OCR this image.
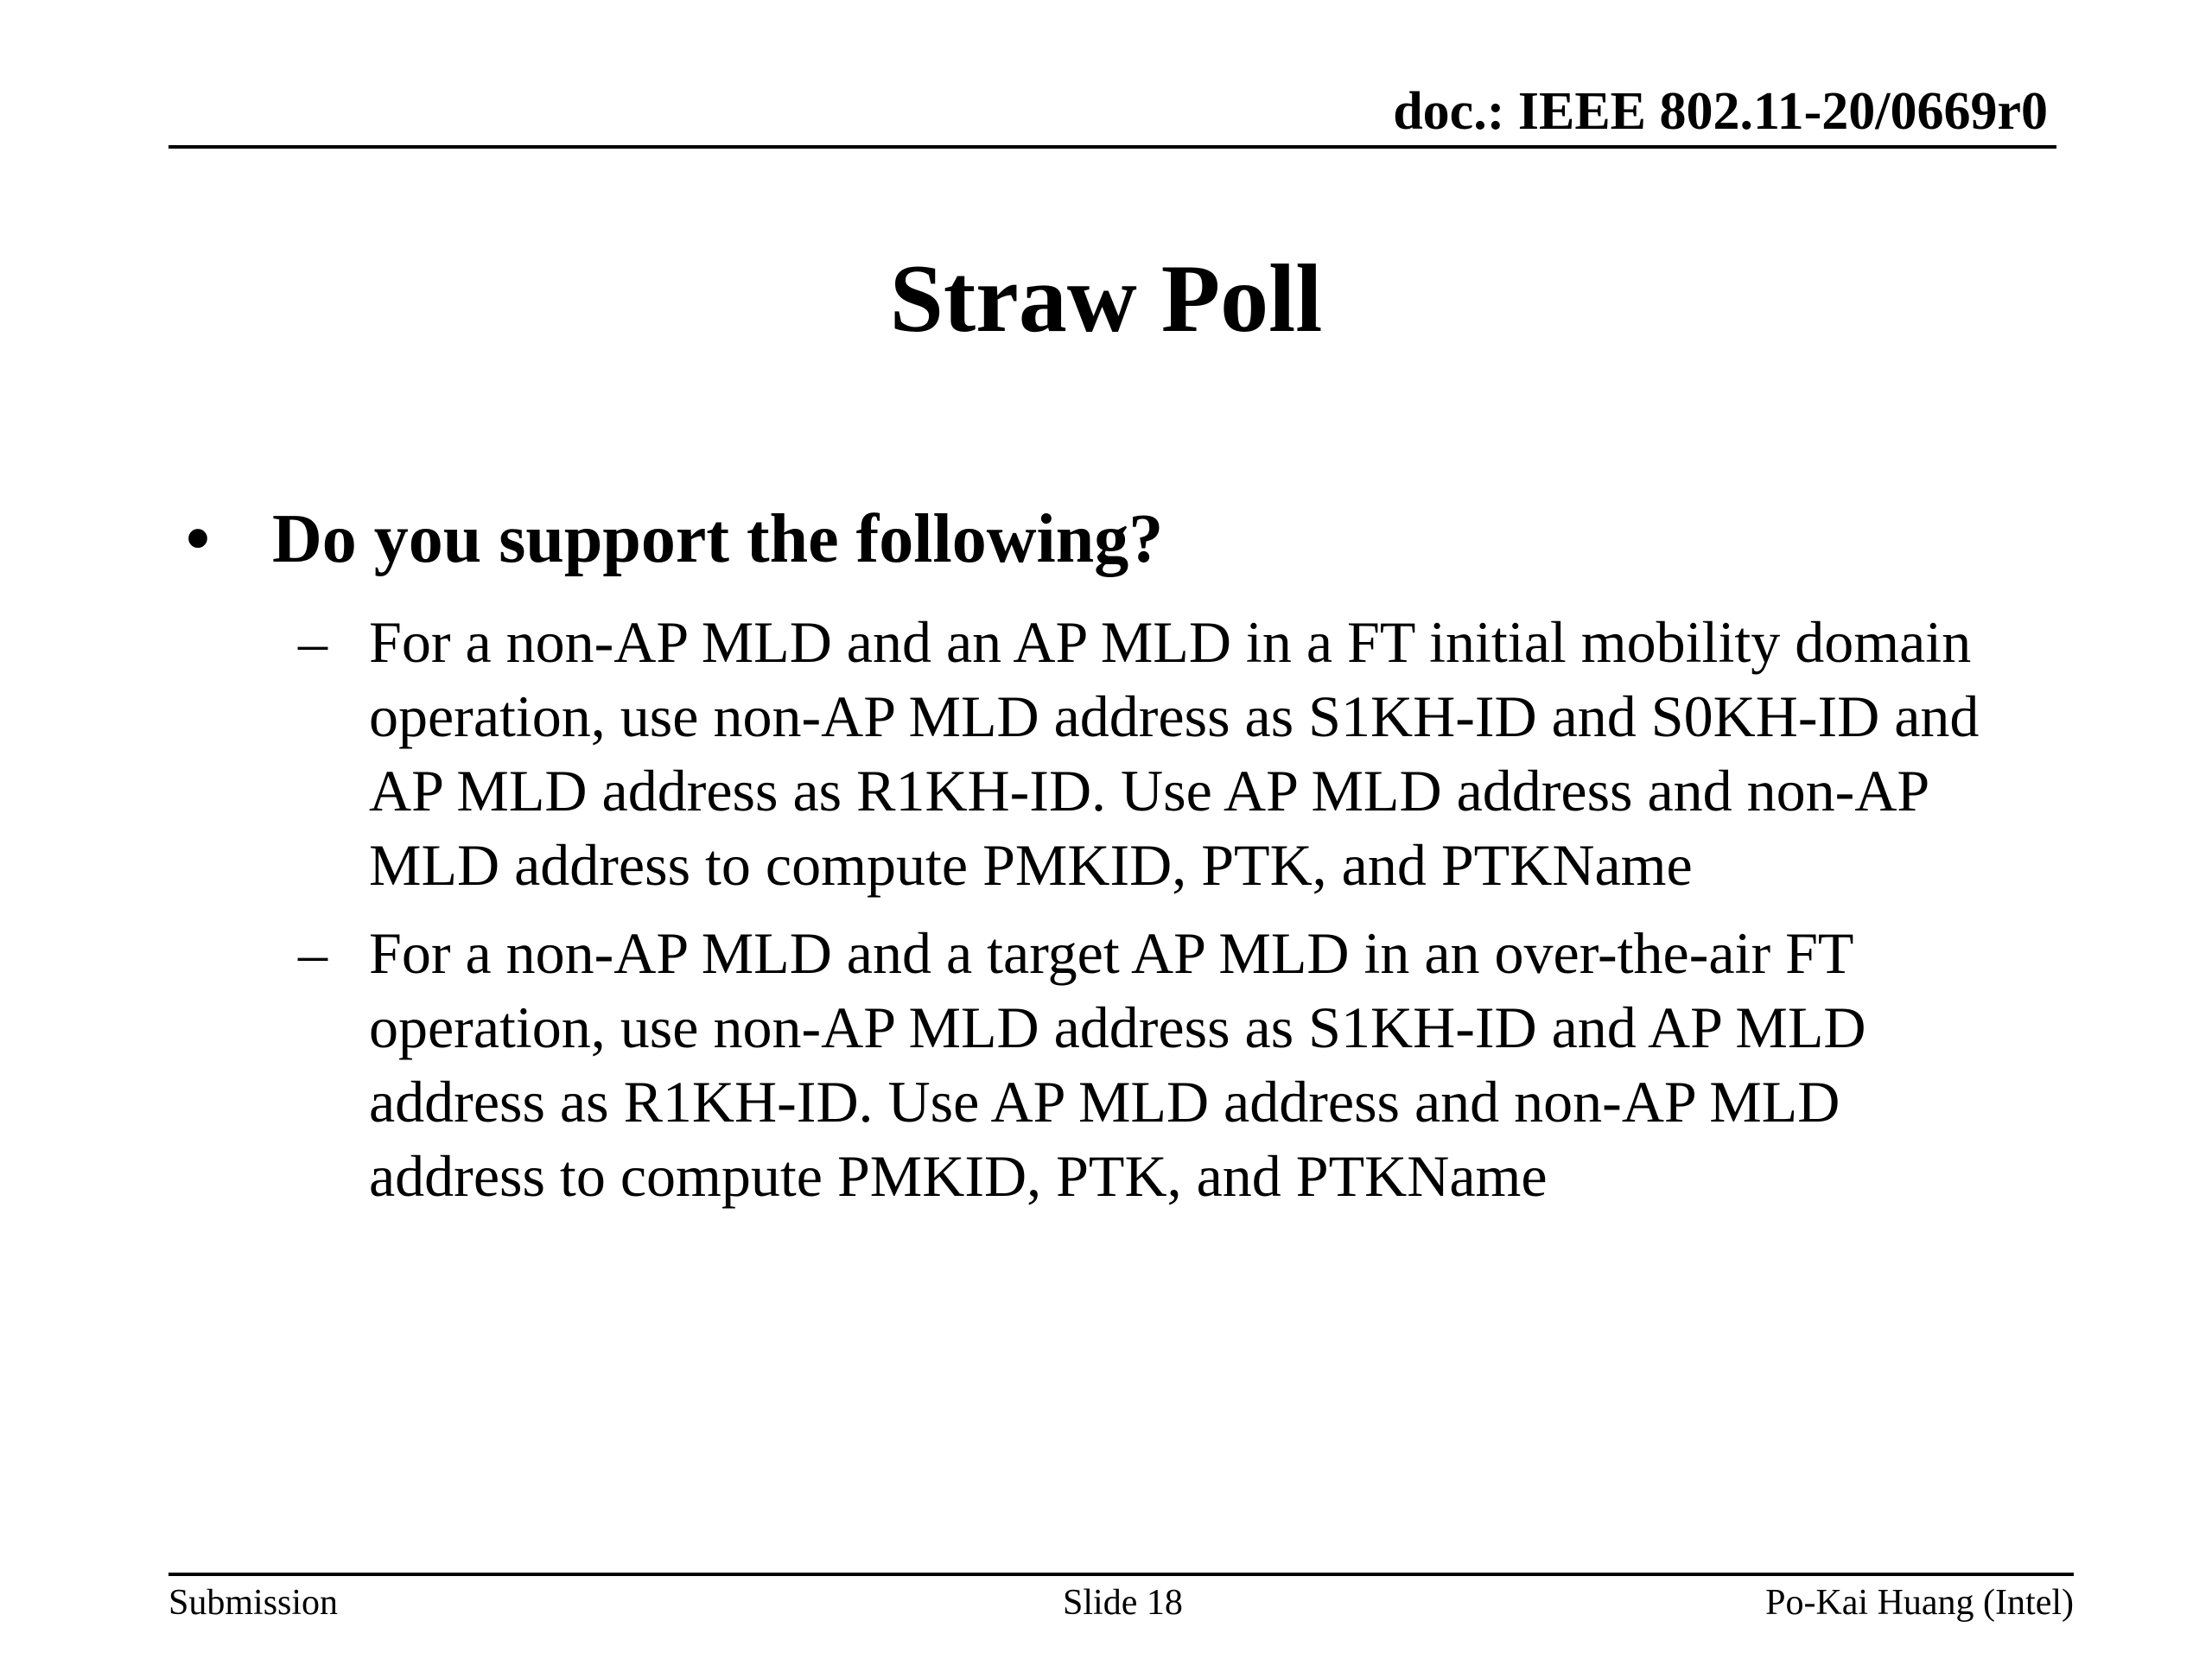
doc.: IEEE 802.11-20/0669r0
Straw Poll
• Do you support the following?
– For a non-AP MLD and an AP MLD in a FT initial mobility domain operation, use non-AP MLD address as S1KH-ID and S0KH-ID and AP MLD address as R1KH-ID. Use AP MLD address and non-AP MLD address to compute PMKID, PTK, and PTKName
– For a non-AP MLD and a target AP MLD in an over-the-air FT operation, use non-AP MLD address as S1KH-ID and AP MLD address as R1KH-ID. Use AP MLD address and non-AP MLD address to compute PMKID, PTK, and PTKName
Submission	Slide 18	Po-Kai Huang (Intel)
